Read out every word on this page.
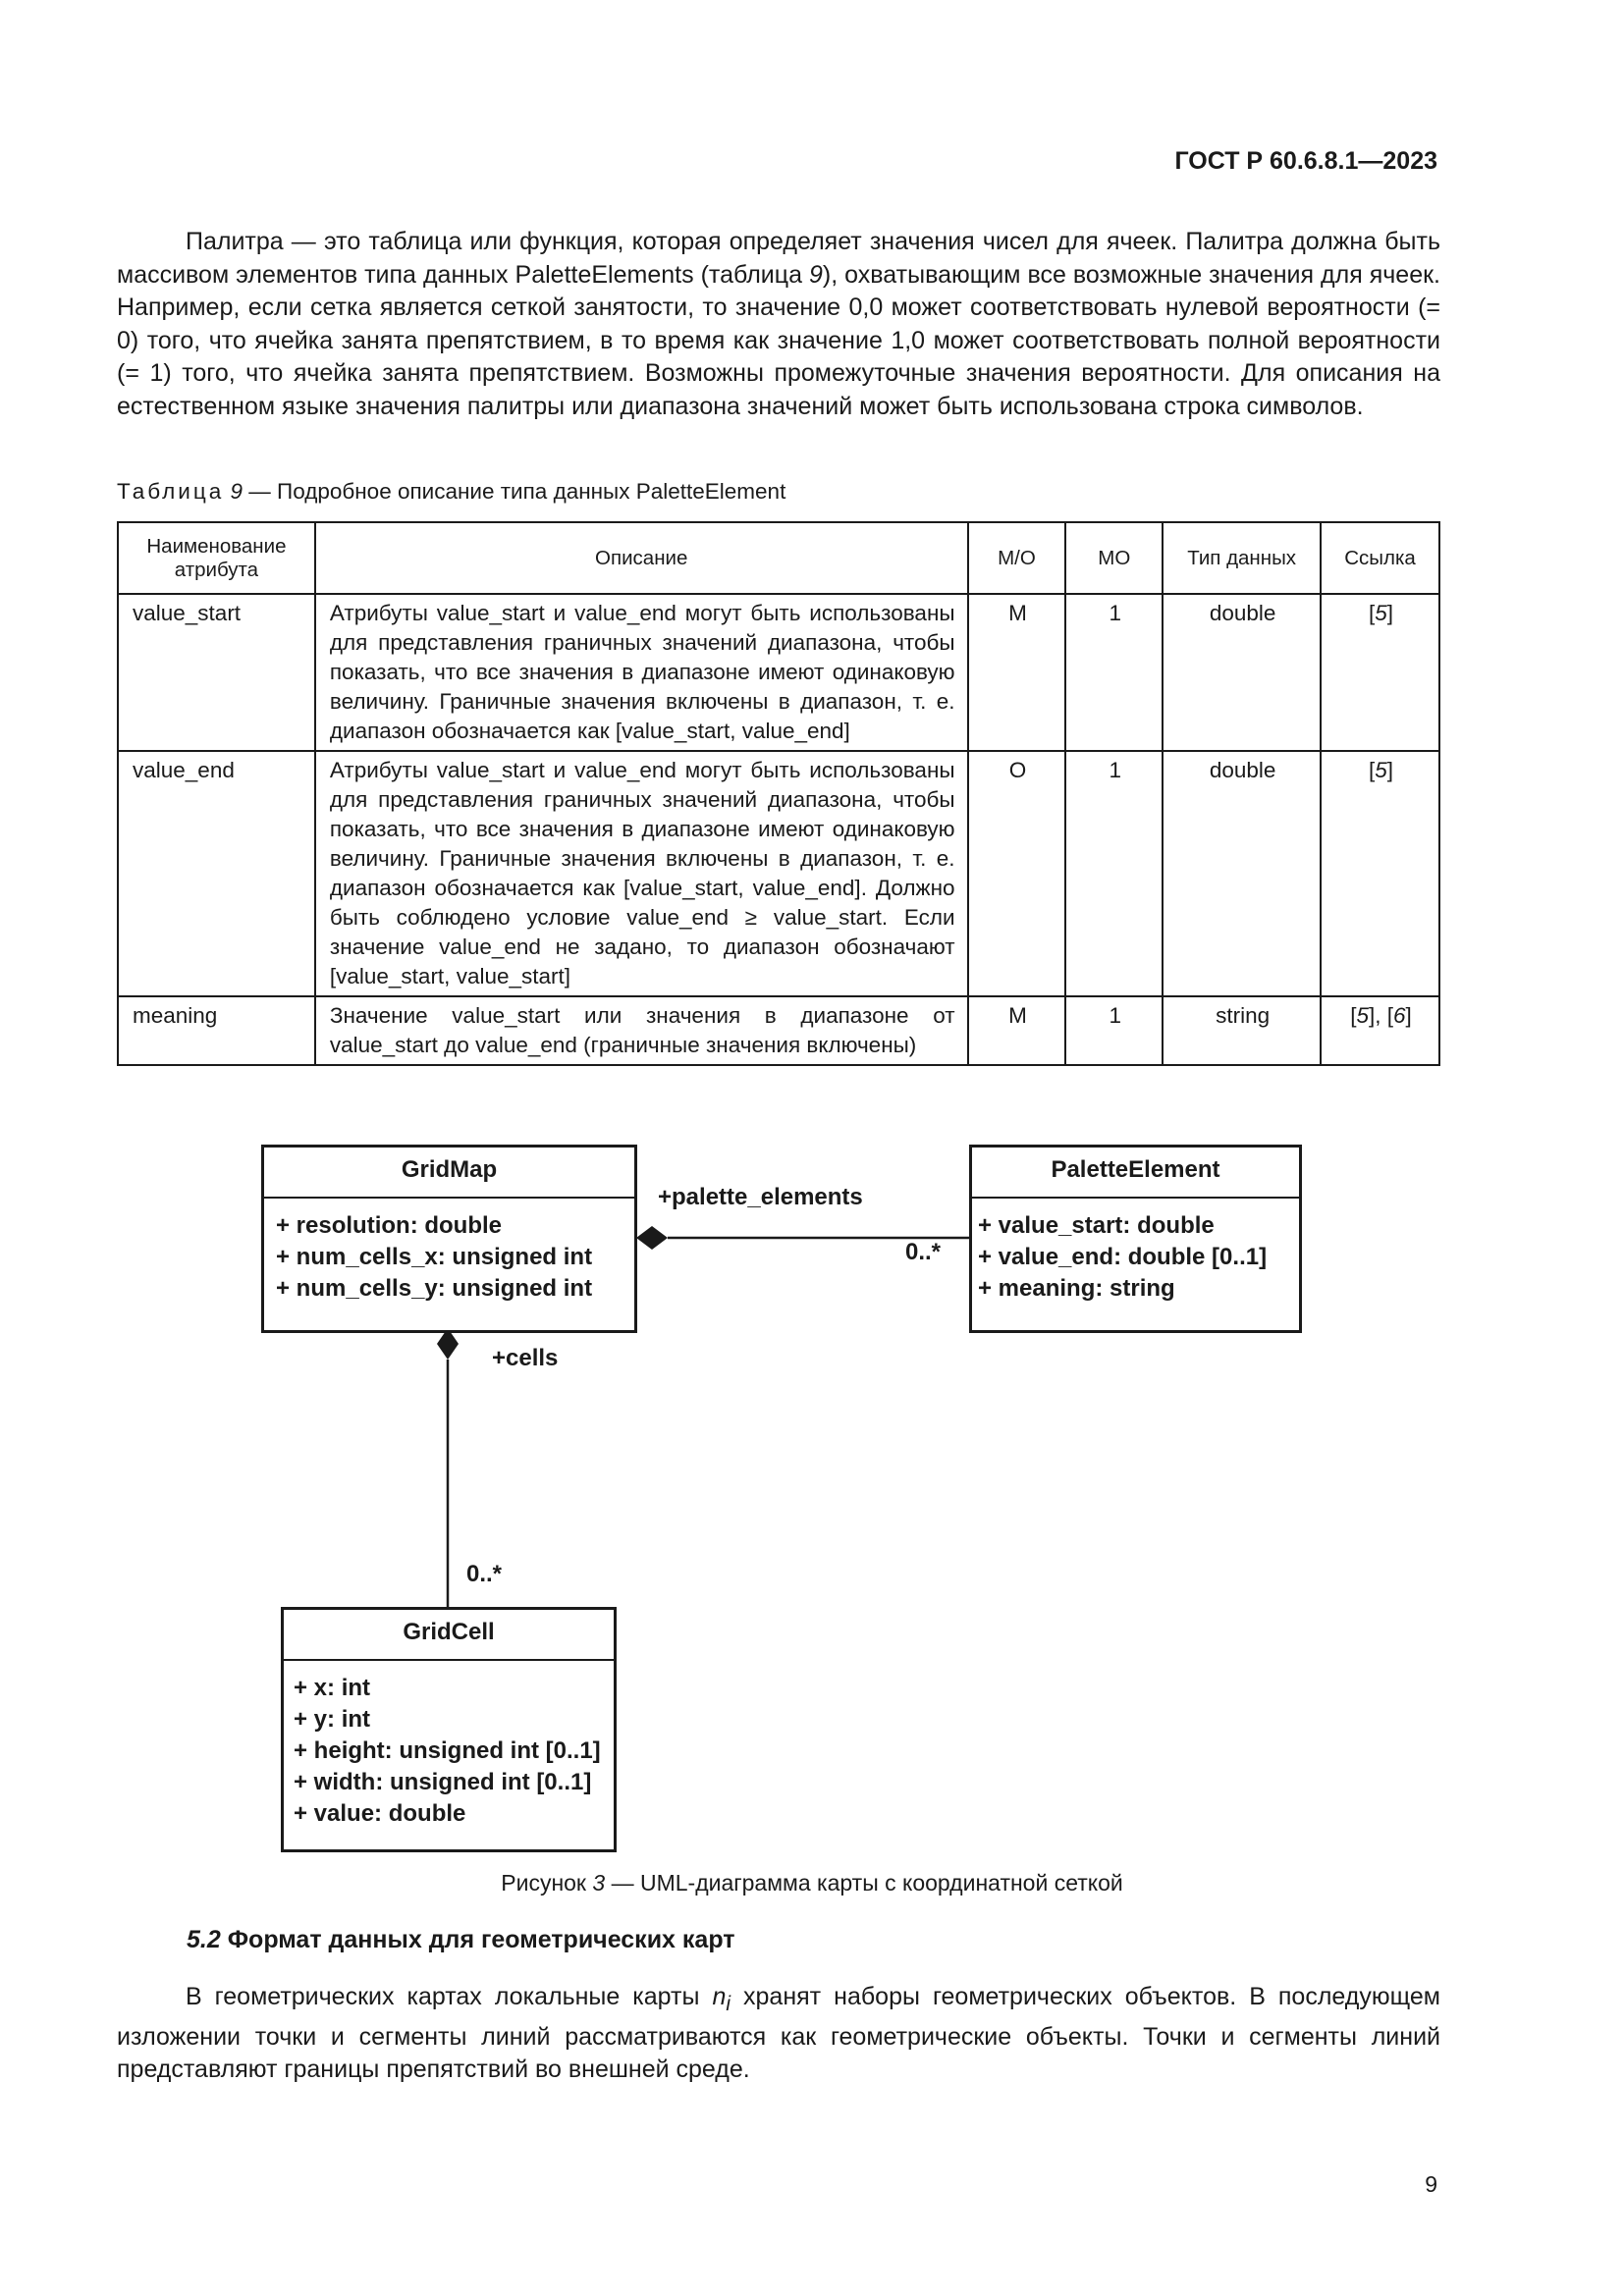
ГОСТ Р 60.6.8.1—2023

Палитра — это таблица или функция, которая определяет значения чисел для ячеек. Палитра должна быть массивом элементов типа данных PaletteElements (таблица 9), охватывающим все возможные значения для ячеек. Например, если сетка является сеткой занятости, то значение 0,0 может соответствовать нулевой вероятности (= 0) того, что ячейка занята препятствием, в то время как значение 1,0 может соответствовать полной вероятности (= 1) того, что ячейка занята препятствием. Возможны промежуточные значения вероятности. Для описания на естественном языке значения палитры или диапазона значений может быть использована строка символов.

Таблица 9 — Подробное описание типа данных PaletteElement
Наименование атрибута	Описание	М/О	МО	Тип данных	Ссылка
value_start	Атрибуты value_start и value_end могут быть использованы для представления граничных значений диапазона, чтобы показать, что все значения в диапазоне имеют одинаковую величину. Граничные значения включены в диапазон, т. е. диапазон обозначается как [value_start, value_end]	М	1	double	[5]
value_end	Атрибуты value_start и value_end могут быть использованы для представления граничных значений диапазона, чтобы показать, что все значения в диапазоне имеют одинаковую величину. Граничные значения включены в диапазон, т. е. диапазон обозначается как [value_start, value_end]. Должно быть соблюдено условие value_end ≥ value_start. Если значение value_end не задано, то диапазон обозначают [value_start, value_start]	О	1	double	[5]
meaning	Значение value_start или значения в диапазоне от value_start до value_end (граничные значения включены)	М	1	string	[5], [6]
GridMap
+ resolution: double
+ num_cells_x: unsigned int
+ num_cells_y: unsigned int
PaletteElement
+ value_start: double
+ value_end: double [0..1]
+ meaning: string
GridCell
+ x: int
+ y: int
+ height: unsigned int [0..1]
+ width: unsigned int [0..1]
+ value: double
+palette_elements
0..*
+cells
0..*
Рисунок 3 — UML-диаграмма карты с координатной сеткой
5.2 Формат данных для геометрических карт

В геометрических картах локальные карты $n_i$ хранят наборы геометрических объектов. В последующем изложении точки и сегменты линий рассматриваются как геометрические объекты. Точки и сегменты линий представляют границы препятствий во внешней среде.

9
